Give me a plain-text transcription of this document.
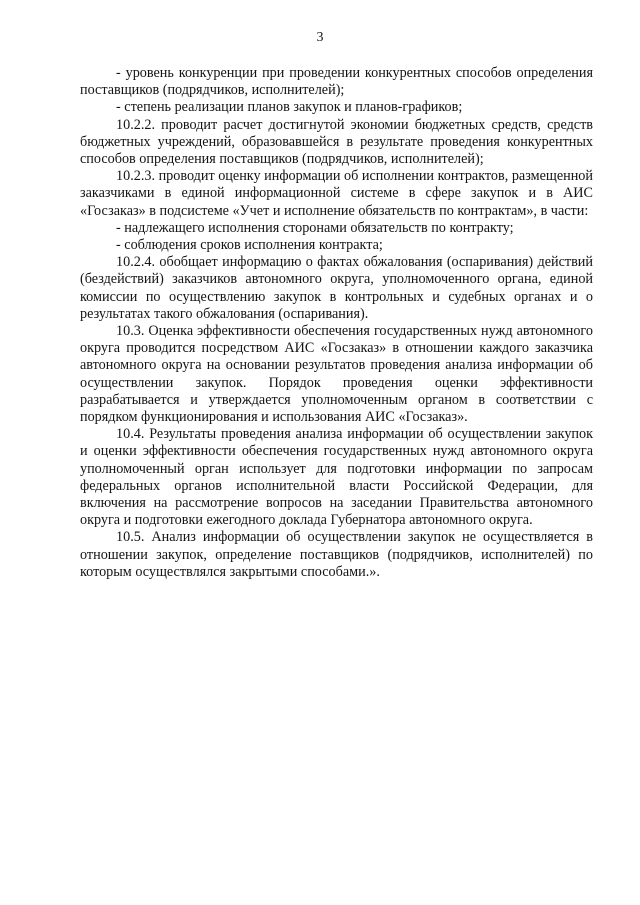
3

- уровень конкуренции при проведении конкурентных способов определения поставщиков (подрядчиков, исполнителей);

- степень реализации планов закупок и планов-графиков;

10.2.2. проводит расчет достигнутой экономии бюджетных средств, средств бюджетных учреждений, образовавшейся в результате проведения конкурентных способов определения поставщиков (подрядчиков, исполнителей);

10.2.3. проводит оценку информации об исполнении контрактов, размещенной заказчиками в единой информационной системе в сфере закупок и в АИС «Госзаказ» в подсистеме «Учет и исполнение обязательств по контрактам», в части:

- надлежащего исполнения сторонами обязательств по контракту;

- соблюдения сроков исполнения контракта;

10.2.4. обобщает информацию о фактах обжалования (оспаривания) действий (бездействий) заказчиков автономного округа, уполномоченного органа, единой комиссии по осуществлению закупок в контрольных и судебных органах и о результатах такого обжалования (оспаривания).

10.3. Оценка эффективности обеспечения государственных нужд автономного округа проводится посредством АИС «Госзаказ» в отношении каждого заказчика автономного округа на основании результатов проведения анализа информации об осуществлении закупок. Порядок проведения оценки эффективности разрабатывается и утверждается уполномоченным органом в соответствии с порядком функционирования и использования АИС «Госзаказ».

10.4. Результаты проведения анализа информации об осуществлении закупок и оценки эффективности обеспечения государственных нужд автономного округа уполномоченный орган использует для подготовки информации по запросам федеральных органов исполнительной власти Российской Федерации, для включения на рассмотрение вопросов на заседании Правительства автономного округа и подготовки ежегодного доклада Губернатора автономного округа.

10.5. Анализ информации об осуществлении закупок не осуществляется в отношении закупок, определение поставщиков (подрядчиков, исполнителей) по которым осуществлялся закрытыми способами.».
